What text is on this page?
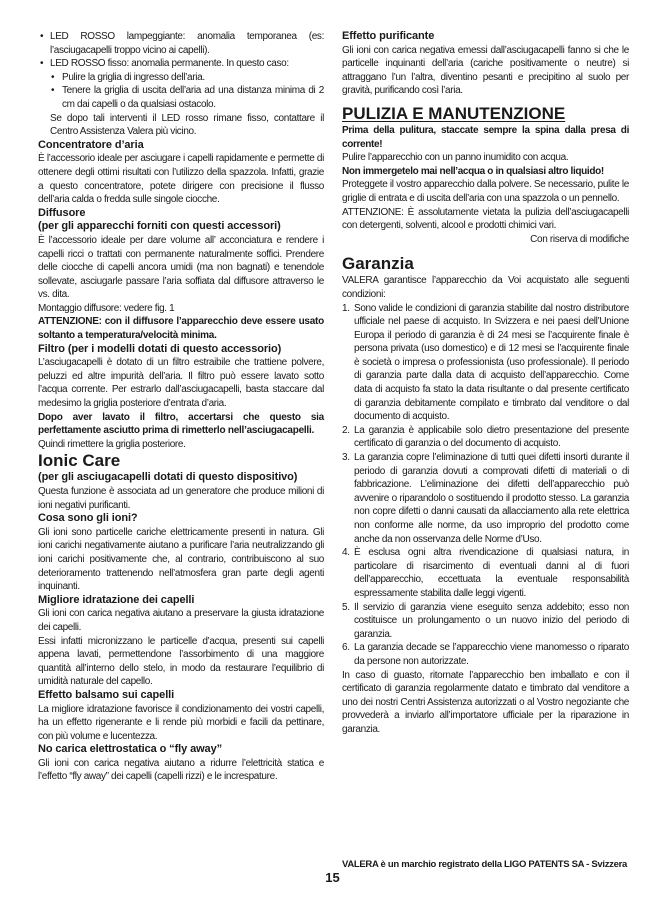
• LED ROSSO lampeggiante: anomalia temporanea (es: l’asciugacapelli troppo vicino ai capelli).
• LED ROSSO fisso: anomalia permanente. In questo caso:
• Pulire la griglia di ingresso dell’aria.
• Tenere la griglia di uscita dell’aria ad una distanza minima di 2 cm dai capelli o da qualsiasi ostacolo.

Se dopo tali interventi il LED rosso rimane fisso, contattare il Centro Assistenza Valera più vicino.

Concentratore d’aria

È l’accessorio ideale per asciugare i capelli rapidamente e permette di ottenere degli ottimi risultati con l’utilizzo della spazzola. Infatti, grazie a questo concentratore, potete dirigere con precisione il flusso dell’aria calda o fredda sulle singole ciocche.

Diffusore

(per gli apparecchi forniti con questi accessori)

È l’accessorio ideale per dare volume all’ acconciatura e rendere i capelli ricci o trattati con permanente naturalmente soffici. Prendere delle ciocche di capelli ancora umidi (ma non bagnati) e tenendole sollevate, asciugarle passare l’aria soffiata dal diffusore attraverso le vs. dita.

Montaggio diffusore: vedere fig. 1

ATTENZIONE: con il diffusore l’apparecchio deve essere usato soltanto a temperatura/velocità minima.

Filtro (per i modelli dotati di questo accessorio)

L’asciugacapelli è dotato di un filtro estraibile che trattiene polvere, peluzzi ed altre impurità dell’aria. Il filtro può essere lavato sotto l’acqua corrente. Per estrarlo dall’asciugacapelli, basta staccare dal medesimo la griglia posteriore d’entrata d’aria.

Dopo aver lavato il filtro, accertarsi che questo sia perfettamente asciutto prima di rimetterlo nell’asciugacapelli.

Quindi rimettere la griglia posteriore.

Ionic Care

(per gli asciugacapelli dotati di questo dispositivo)

Questa funzione è associata ad un generatore che produce milioni di ioni negativi purificanti.

Cosa sono gli ioni?

Gli ioni sono particelle cariche elettricamente presenti in natura. Gli ioni carichi negativamente aiutano a purificare l’aria neutralizzando gli ioni carichi positivamente che, al contrario, contribuiscono al suo deterioramento trattenendo nell’atmosfera gran parte degli agenti inquinanti.

Migliore idratazione dei capelli

Gli ioni con carica negativa aiutano a preservare la giusta idratazione dei capelli.

Essi infatti micronizzano le particelle d’acqua, presenti sui capelli appena lavati, permettendone l’assorbimento di una maggiore quantità all’interno dello stelo, in modo da restaurare l’equilibrio di umidità naturale del capello.

Effetto balsamo sui capelli

La migliore idratazione favorisce il condizionamento dei vostri capelli, ha un effetto rigenerante e li rende più morbidi e facili da pettinare, con più volume e lucentezza.

No carica elettrostatica o “fly away”

Gli ioni con carica negativa aiutano a ridurre l’elettricità statica e l’effetto “fly away” dei capelli (capelli rizzi) e le increspature.

Effetto purificante

Gli ioni con carica negativa emessi dall’asciugacapelli fanno si che le particelle inquinanti dell’aria (cariche positivamente o neutre) si attraggano l’un l’altra, diventino pesanti e precipitino al suolo per gravità, purificando così l’aria.

PULIZIA E MANUTENZIONE

Prima della pulitura, staccate sempre la spina dalla presa di corrente!

Pulire l’apparecchio con un panno inumidito con acqua.

Non immergetelo mai nell’acqua o in qualsiasi altro liquido!

Proteggete il vostro apparecchio dalla polvere. Se necessario, pulite le griglie di entrata e di uscita dell’aria con una spazzola o un pennello.

ATTENZIONE: È assolutamente vietata la pulizia dell’asciugacapelli con detergenti, solventi, alcool e prodotti chimici vari.

Con riserva di modifiche

Garanzia

VALERA garantisce l’apparecchio da Voi acquistato alle seguenti condizioni:

1. Sono valide le condizioni di garanzia stabilite dal nostro distributore ufficiale nel paese di acquisto. In Svizzera e nei paesi dell’Unione Europa il periodo di garanzia è di 24 mesi se l’acquirente finale è persona privata (uso domestico) e di 12 mesi se l’acquirente finale è società o impresa o professionista (uso professionale). Il periodo di garanzia parte dalla data di acquisto dell’apparecchio. Come data di acquisto fa stato la data risultante o dal presente certificato di garanzia debitamente compilato e timbrato dal venditore o dal documento di acquisto.
2. La garanzia è applicabile solo dietro presentazione del presente certificato di garanzia o del documento di acquisto.
3. La garanzia copre l’eliminazione di tutti quei difetti insorti durante il periodo di garanzia dovuti a comprovati difetti di materiali o di fabbricazione. L’eliminazione dei difetti dell’apparecchio può avvenire o riparandolo o sostituendo il prodotto stesso. La garanzia non copre difetti o danni causati da allacciamento alla rete elettrica non conforme alle norme, da uso improprio del prodotto come anche da non osservanza delle Norme d’Uso.
4. È esclusa ogni altra rivendicazione di qualsiasi natura, in particolare di risarcimento di eventuali danni al di fuori dell’apparecchio, eccettuata la eventuale responsabilità espressamente stabilita dalle leggi vigenti.
5. Il servizio di garanzia viene eseguito senza addebito; esso non costituisce un prolungamento o un nuovo inizio del periodo di garanzia.
6. La garanzia decade se l’apparecchio viene manomesso o riparato da persone non autorizzate.

In caso di guasto, ritornate l’apparecchio ben imballato e con il certificato di garanzia regolarmente datato e timbrato dal venditore a uno dei nostri Centri Assistenza autorizzati o al Vostro negoziante che provvederà a inviarlo all’importatore ufficiale per la riparazione in garanzia.

VALERA è un marchio registrato della LIGO PATENTS SA - Svizzera

15
